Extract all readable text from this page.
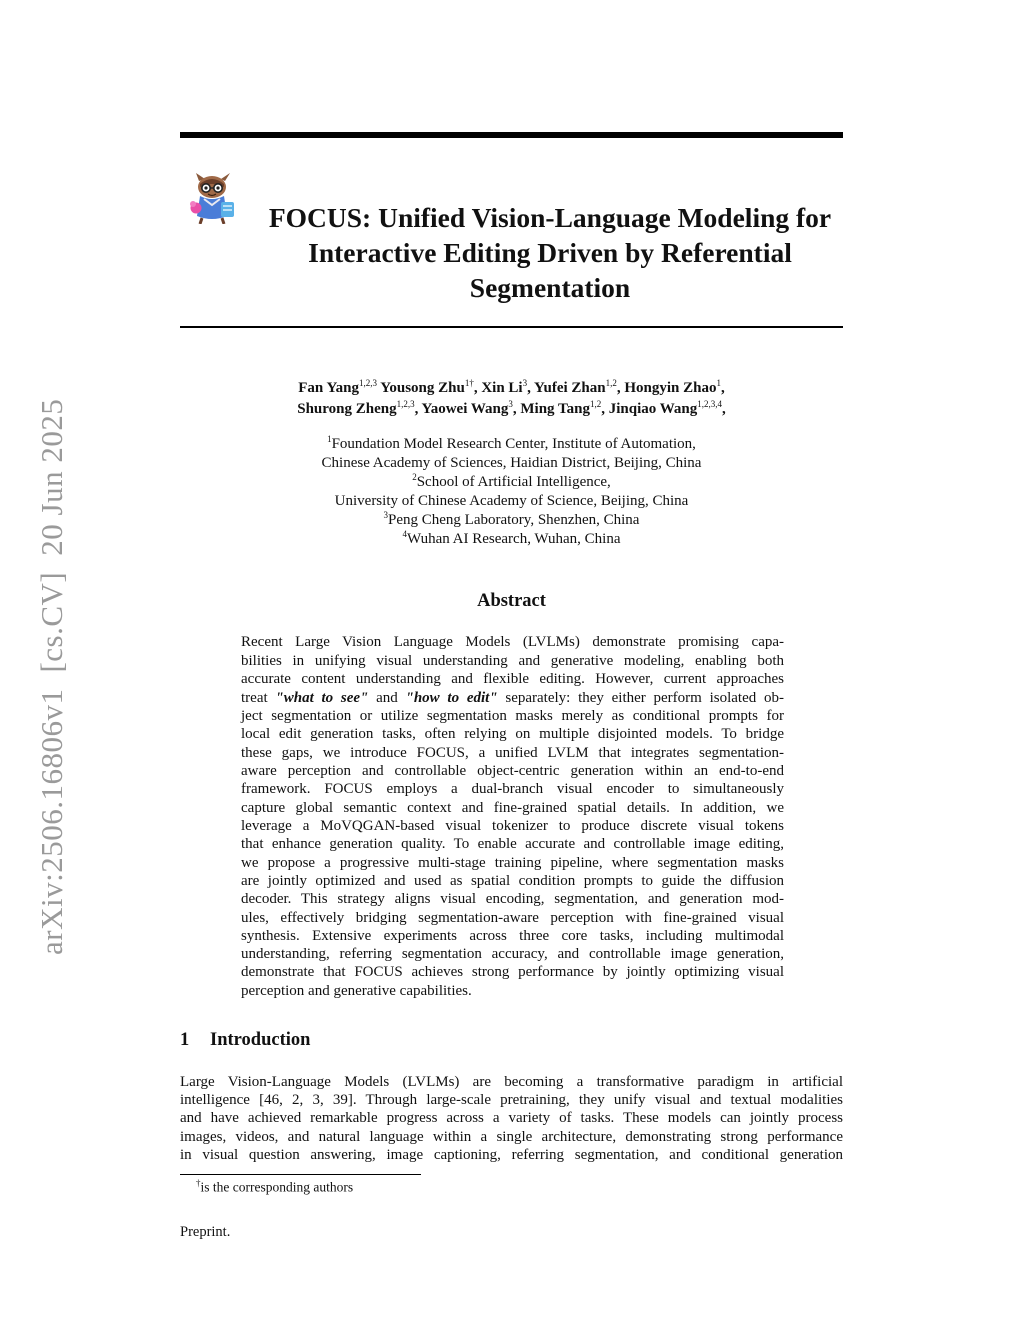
arXiv:2506.16806v1[cs.CV]20 Jun 2025
FOCUS: Unified Vision-Language Modeling for
Interactive Editing Driven by Referential
Segmentation
Fan Yang$^{1,2,3}$ Yousong Zhu$^{1\dagger}$, Xin Li$^3$, Yufei Zhan$^{1,2}$, Hongyin Zhao$^1$,
Shurong Zheng$^{1,2,3}$, Yaowei Wang$^3$, Ming Tang$^{1,2}$, Jinqiao Wang$^{1,2,3,4}$,
$^1$Foundation Model Research Center, Institute of Automation,
Chinese Academy of Sciences, Haidian District, Beijing, China
$^2$School of Artificial Intelligence,
University of Chinese Academy of Science, Beijing, China
$^3$Peng Cheng Laboratory, Shenzhen, China
$^4$Wuhan AI Research, Wuhan, China
Abstract
Recent Large Vision Language Models (LVLMs) demonstrate promising capa-
bilities in unifying visual understanding and generative modeling, enabling both
accurate content understanding and flexible editing. However, current approaches
treat "what to see" and "how to edit" separately: they either perform isolated ob-
ject segmentation or utilize segmentation masks merely as conditional prompts for
local edit generation tasks, often relying on multiple disjointed models. To bridge
these gaps, we introduce FOCUS, a unified LVLM that integrates segmentation-
aware perception and controllable object-centric generation within an end-to-end
framework. FOCUS employs a dual-branch visual encoder to simultaneously
capture global semantic context and fine-grained spatial details. In addition, we
leverage a MoVQGAN-based visual tokenizer to produce discrete visual tokens
that enhance generation quality. To enable accurate and controllable image editing,
we propose a progressive multi-stage training pipeline, where segmentation masks
are jointly optimized and used as spatial condition prompts to guide the diffusion
decoder. This strategy aligns visual encoding, segmentation, and generation mod-
ules, effectively bridging segmentation-aware perception with fine-grained visual
synthesis. Extensive experiments across three core tasks, including multimodal
understanding, referring segmentation accuracy, and controllable image generation,
demonstrate that FOCUS achieves strong performance by jointly optimizing visual
perception and generative capabilities.
1 Introduction
Large Vision-Language Models (LVLMs) are becoming a transformative paradigm in artificial
intelligence [46, 2, 3, 39]. Through large-scale pretraining, they unify visual and textual modalities
and have achieved remarkable progress across a variety of tasks. These models can jointly process
images, videos, and natural language within a single architecture, demonstrating strong performance
in visual question answering, image captioning, referring segmentation, and conditional generation
†is the corresponding authors
Preprint.
